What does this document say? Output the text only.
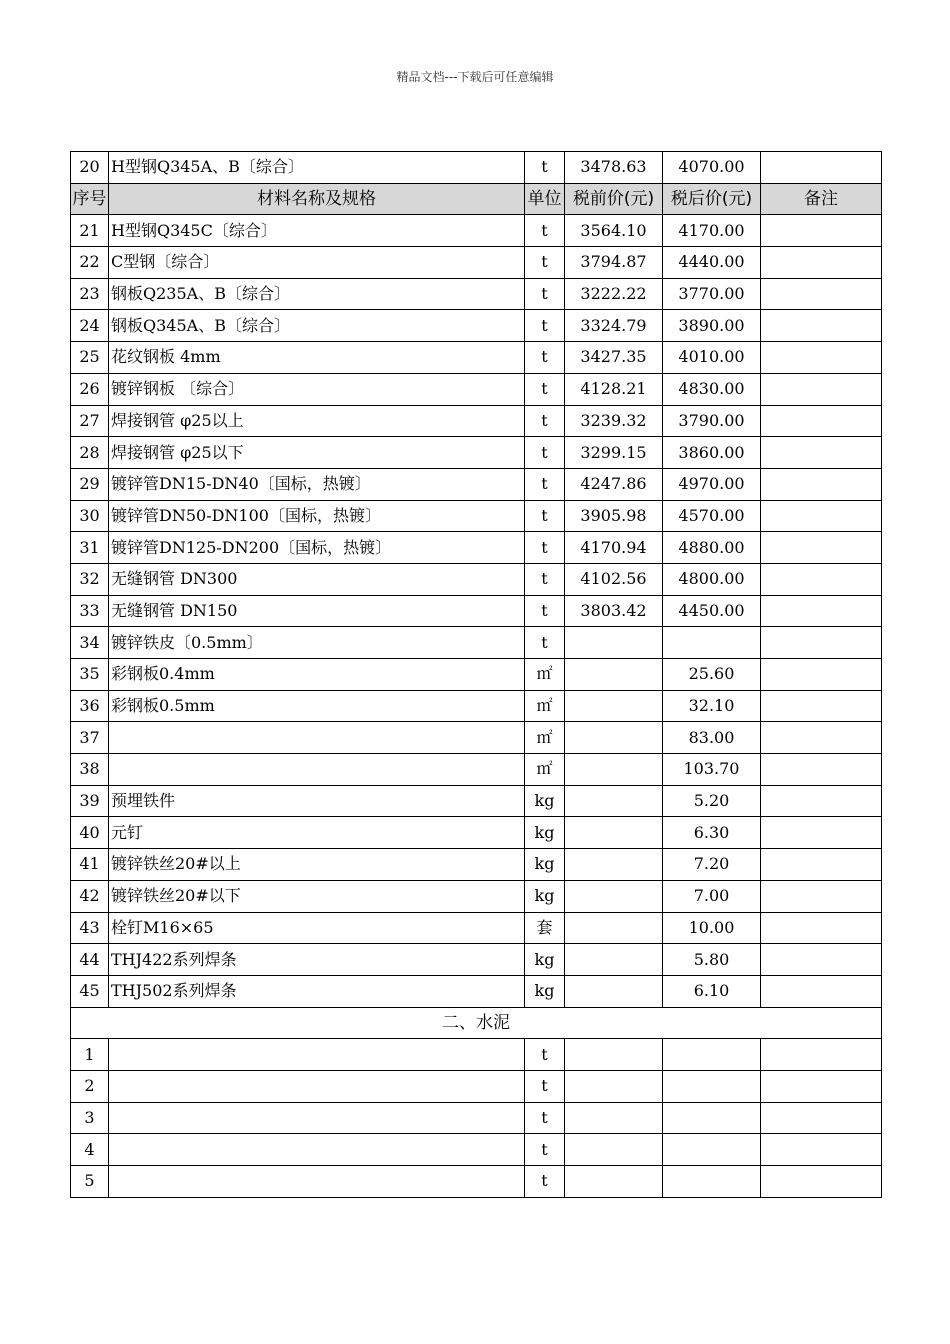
精品文档---下载后可任意编辑
20	H型钢Q345A、B〔综合〕	t	3478.63	4070.00	
序号	材料名称及规格	单位	税前价(元)	税后价(元)	备注
21	H型钢Q345C〔综合〕	t	3564.10	4170.00	
22	C型钢〔综合〕	t	3794.87	4440.00	
23	钢板Q235A、B〔综合〕	t	3222.22	3770.00	
24	钢板Q345A、B〔综合〕	t	3324.79	3890.00	
25	花纹钢板 4mm	t	3427.35	4010.00	
26	镀锌钢板 〔综合〕	t	4128.21	4830.00	
27	焊接钢管 φ25以上	t	3239.32	3790.00	
28	焊接钢管 φ25以下	t	3299.15	3860.00	
29	镀锌管DN15-DN40〔国标，热镀〕	t	4247.86	4970.00	
30	镀锌管DN50-DN100〔国标，热镀〕	t	3905.98	4570.00	
31	镀锌管DN125-DN200〔国标，热镀〕	t	4170.94	4880.00	
32	无缝钢管 DN300	t	4102.56	4800.00	
33	无缝钢管 DN150	t	3803.42	4450.00	
34	镀锌铁皮〔0.5mm〕	t			
35	彩钢板0.4mm	㎡		25.60	
36	彩钢板0.5mm	㎡		32.10	
37		㎡		83.00	
38		㎡		103.70	
39	预埋铁件	kg		5.20	
40	元钉	kg		6.30	
41	镀锌铁丝20#以上	kg		7.20	
42	镀锌铁丝20#以下	kg		7.00	
43	栓钉M16×65	套		10.00	
44	THJ422系列焊条	kg		5.80	
45	THJ502系列焊条	kg		6.10	
二、水泥					
1		t			
2		t			
3		t			
4		t			
5		t			
